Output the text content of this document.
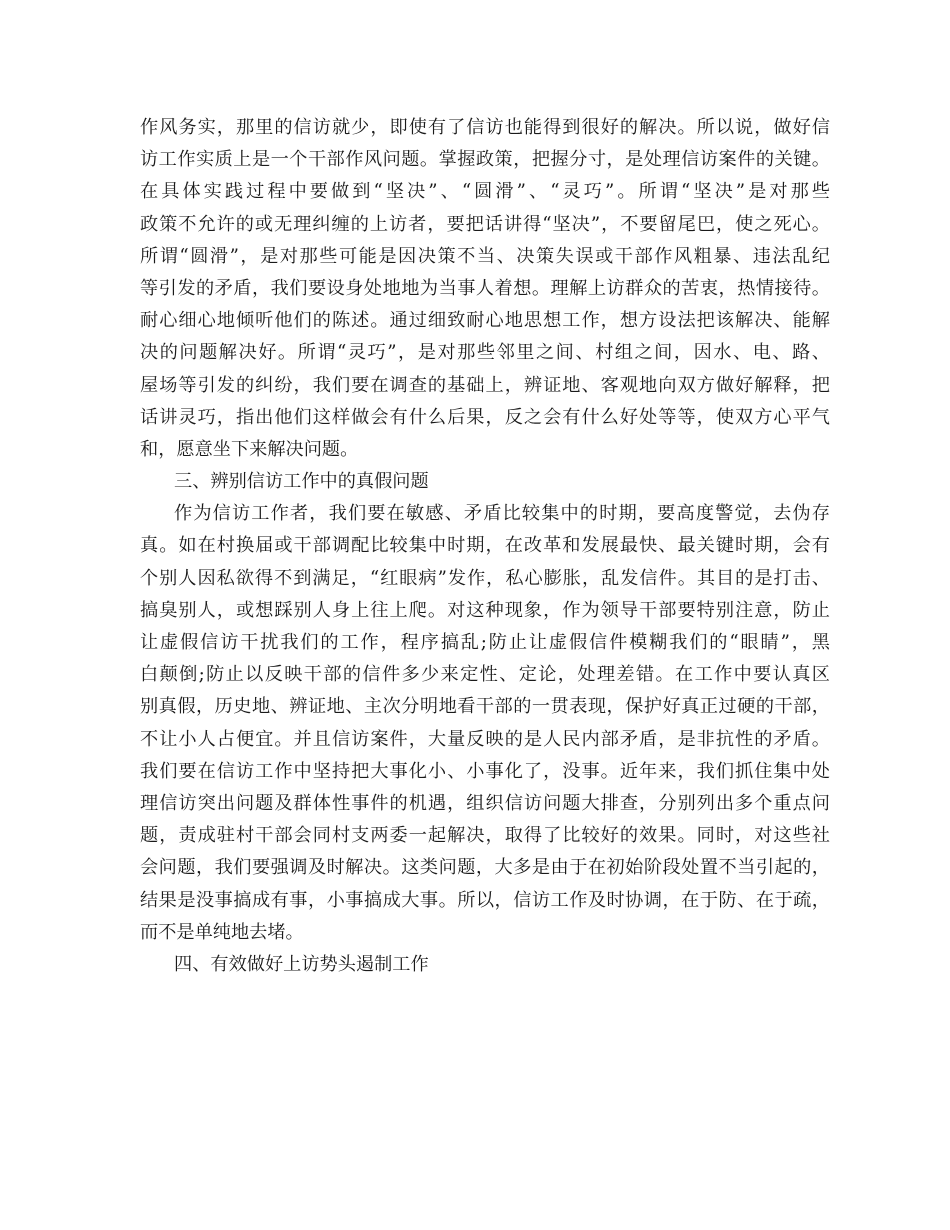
作风务实，那里的信访就少，即使有了信访也能得到很好的解决。所以说，做好信
访工作实质上是一个干部作风问题。掌握政策，把握分寸，是处理信访案件的关键。
在具体实践过程中要做到“坚决”、“圆滑”、“灵巧”。所谓“坚决”是对那些
政策不允许的或无理纠缠的上访者，要把话讲得“坚决”，不要留尾巴，使之死心。
所谓“圆滑”，是对那些可能是因决策不当、决策失误或干部作风粗暴、违法乱纪
等引发的矛盾，我们要设身处地地为当事人着想。理解上访群众的苦衷，热情接待。
耐心细心地倾听他们的陈述。通过细致耐心地思想工作，想方设法把该解决、能解
决的问题解决好。所谓“灵巧”，是对那些邻里之间、村组之间，因水、电、路、
屋场等引发的纠纷，我们要在调查的基础上，辨证地、客观地向双方做好解释，把
话讲灵巧，指出他们这样做会有什么后果，反之会有什么好处等等，使双方心平气
和，愿意坐下来解决问题。
三、辨别信访工作中的真假问题
作为信访工作者，我们要在敏感、矛盾比较集中的时期，要高度警觉，去伪存
真。如在村换届或干部调配比较集中时期，在改革和发展最快、最关键时期，会有
个别人因私欲得不到满足，“红眼病”发作，私心膨胀，乱发信件。其目的是打击、
搞臭别人，或想踩别人身上往上爬。对这种现象，作为领导干部要特别注意，防止
让虚假信访干扰我们的工作，程序搞乱;防止让虚假信件模糊我们的“眼睛”，黑
白颠倒;防止以反映干部的信件多少来定性、定论，处理差错。在工作中要认真区
别真假，历史地、辨证地、主次分明地看干部的一贯表现，保护好真正过硬的干部，
不让小人占便宜。并且信访案件，大量反映的是人民内部矛盾，是非抗性的矛盾。
我们要在信访工作中坚持把大事化小、小事化了，没事。近年来，我们抓住集中处
理信访突出问题及群体性事件的机遇，组织信访问题大排查，分别列出多个重点问
题，责成驻村干部会同村支两委一起解决，取得了比较好的效果。同时，对这些社
会问题，我们要强调及时解决。这类问题，大多是由于在初始阶段处置不当引起的，
结果是没事搞成有事，小事搞成大事。所以，信访工作及时协调，在于防、在于疏，
而不是单纯地去堵。
四、有效做好上访势头遏制工作
